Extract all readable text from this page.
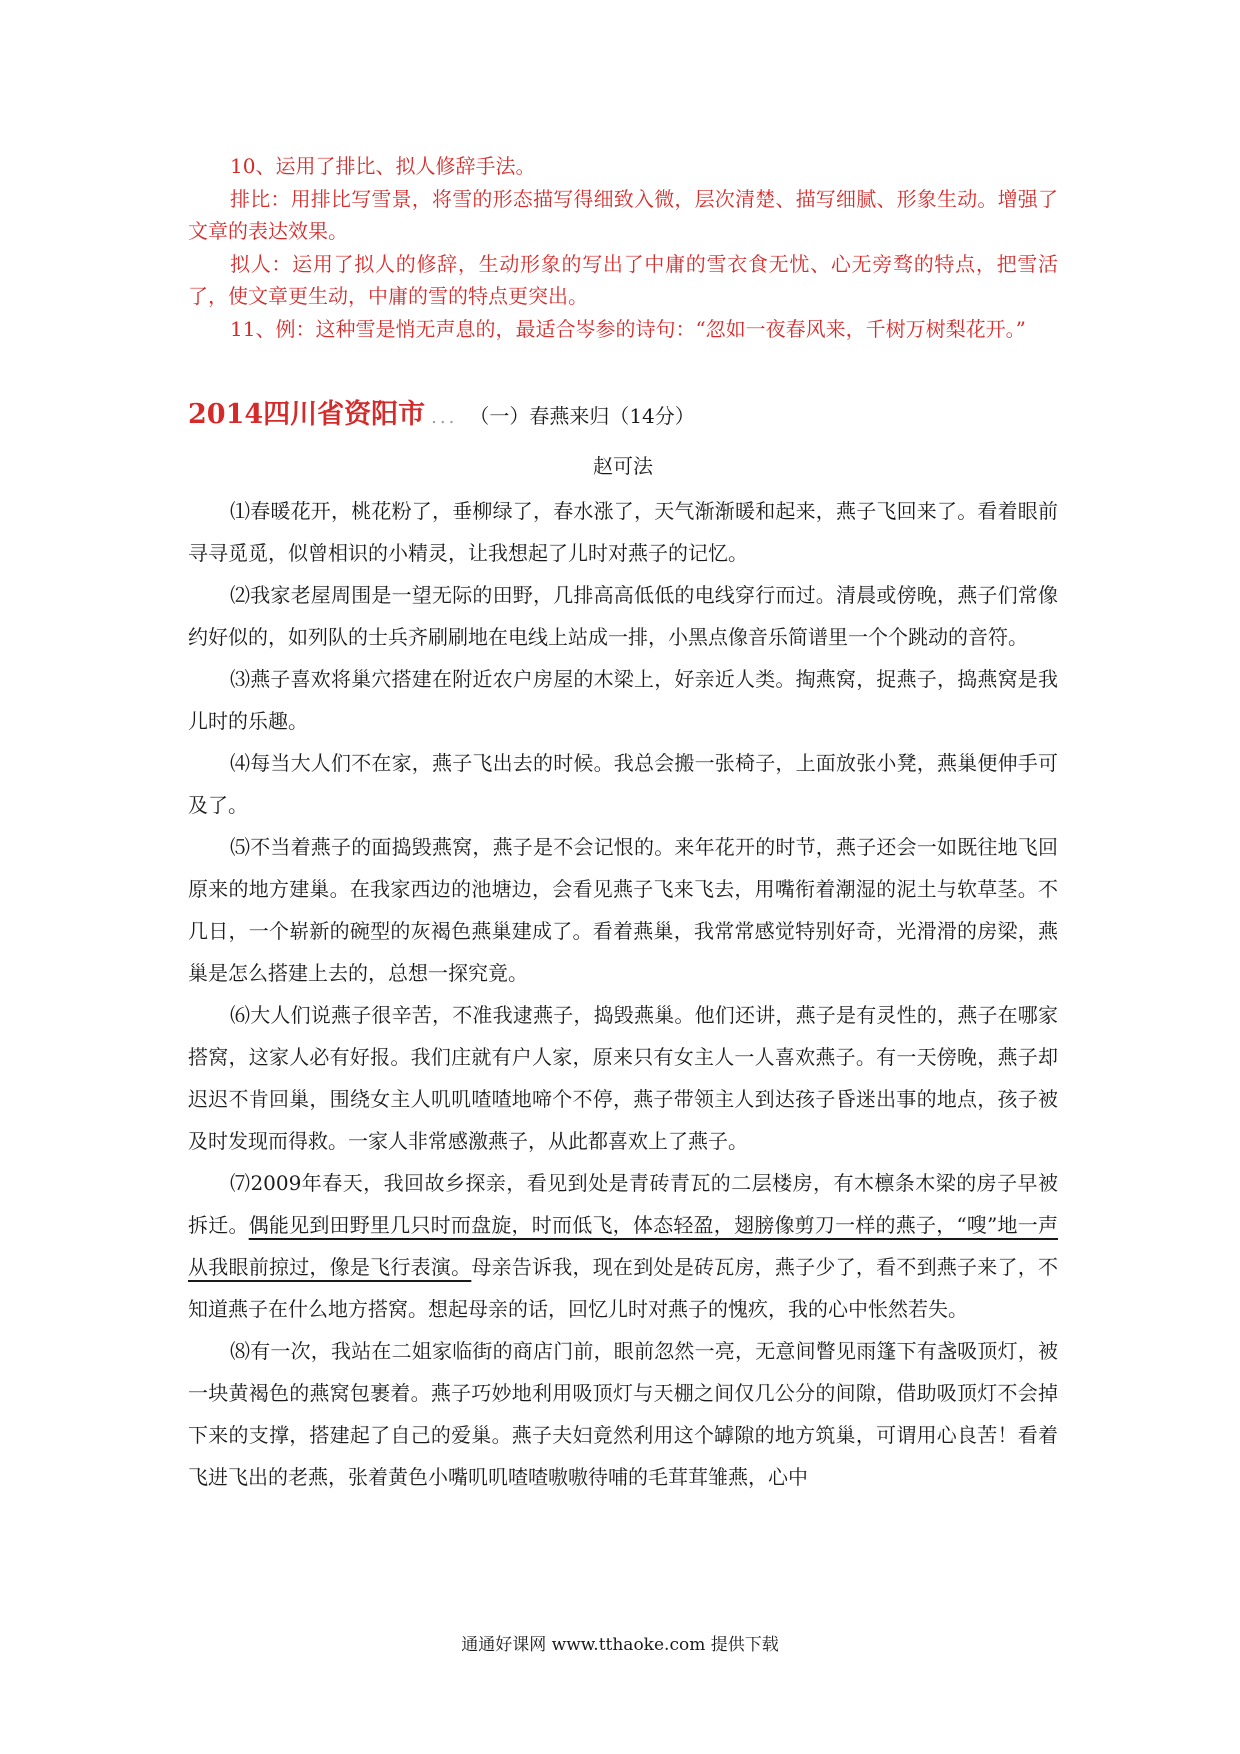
10、运用了排比、拟人修辞手法。

排比：用排比写雪景，将雪的形态描写得细致入微，层次清楚、描写细腻、形象生动。增强了文章的表达效果。

拟人：运用了拟人的修辞，生动形象的写出了中庸的雪衣食无忧、心无旁骛的特点，把雪活了，使文章更生动，中庸的雪的特点更突出。

11、例：这种雪是悄无声息的，最适合岑参的诗句：“忽如一夜春风来，千树万树梨花开。”

2014四川省资阳市 ... （一）春燕来归（14分）
赵可法

⑴春暖花开，桃花粉了，垂柳绿了，春水涨了，天气渐渐暖和起来，燕子飞回来了。看着眼前寻寻觅觅，似曾相识的小精灵，让我想起了儿时对燕子的记忆。

⑵我家老屋周围是一望无际的田野，几排高高低低的电线穿行而过。清晨或傍晚，燕子们常像约好似的，如列队的士兵齐刷刷地在电线上站成一排，小黑点像音乐简谱里一个个跳动的音符。

⑶燕子喜欢将巢穴搭建在附近农户房屋的木梁上，好亲近人类。掏燕窝，捉燕子，捣燕窝是我儿时的乐趣。

⑷每当大人们不在家，燕子飞出去的时候。我总会搬一张椅子，上面放张小凳，燕巢便伸手可及了。

⑸不当着燕子的面捣毁燕窝，燕子是不会记恨的。来年花开的时节，燕子还会一如既往地飞回原来的地方建巢。在我家西边的池塘边，会看见燕子飞来飞去，用嘴衔着潮湿的泥土与软草茎。不几日，一个崭新的碗型的灰褐色燕巢建成了。看着燕巢，我常常感觉特别好奇，光滑滑的房梁，燕巢是怎么搭建上去的，总想一探究竟。

⑹大人们说燕子很辛苦，不准我逮燕子，捣毁燕巢。他们还讲，燕子是有灵性的，燕子在哪家搭窝，这家人必有好报。我们庄就有户人家，原来只有女主人一人喜欢燕子。有一天傍晚，燕子却迟迟不肯回巢，围绕女主人叽叽喳喳地啼个不停，燕子带领主人到达孩子昏迷出事的地点，孩子被及时发现而得救。一家人非常感激燕子，从此都喜欢上了燕子。

⑺2009年春天，我回故乡探亲，看见到处是青砖青瓦的二层楼房，有木檩条木梁的房子早被拆迁。偶能见到田野里几只时而盘旋，时而低飞，体态轻盈，翅膀像剪刀一样的燕子，“嗖”地一声从我眼前掠过，像是飞行表演。母亲告诉我，现在到处是砖瓦房，燕子少了，看不到燕子来了，不知道燕子在什么地方搭窝。想起母亲的话，回忆儿时对燕子的愧疚，我的心中怅然若失。

⑻有一次，我站在二姐家临街的商店门前，眼前忽然一亮，无意间瞥见雨篷下有盏吸顶灯，被一块黄褐色的燕窝包裹着。燕子巧妙地利用吸顶灯与天棚之间仅几公分的间隙，借助吸顶灯不会掉下来的支撑，搭建起了自己的爱巢。燕子夫妇竟然利用这个罅隙的地方筑巢，可谓用心良苦！看着飞进飞出的老燕，张着黄色小嘴叽叽喳喳嗷嗷待哺的毛茸茸雏燕，心中

通通好课网 www.tthaoke.com 提供下载
